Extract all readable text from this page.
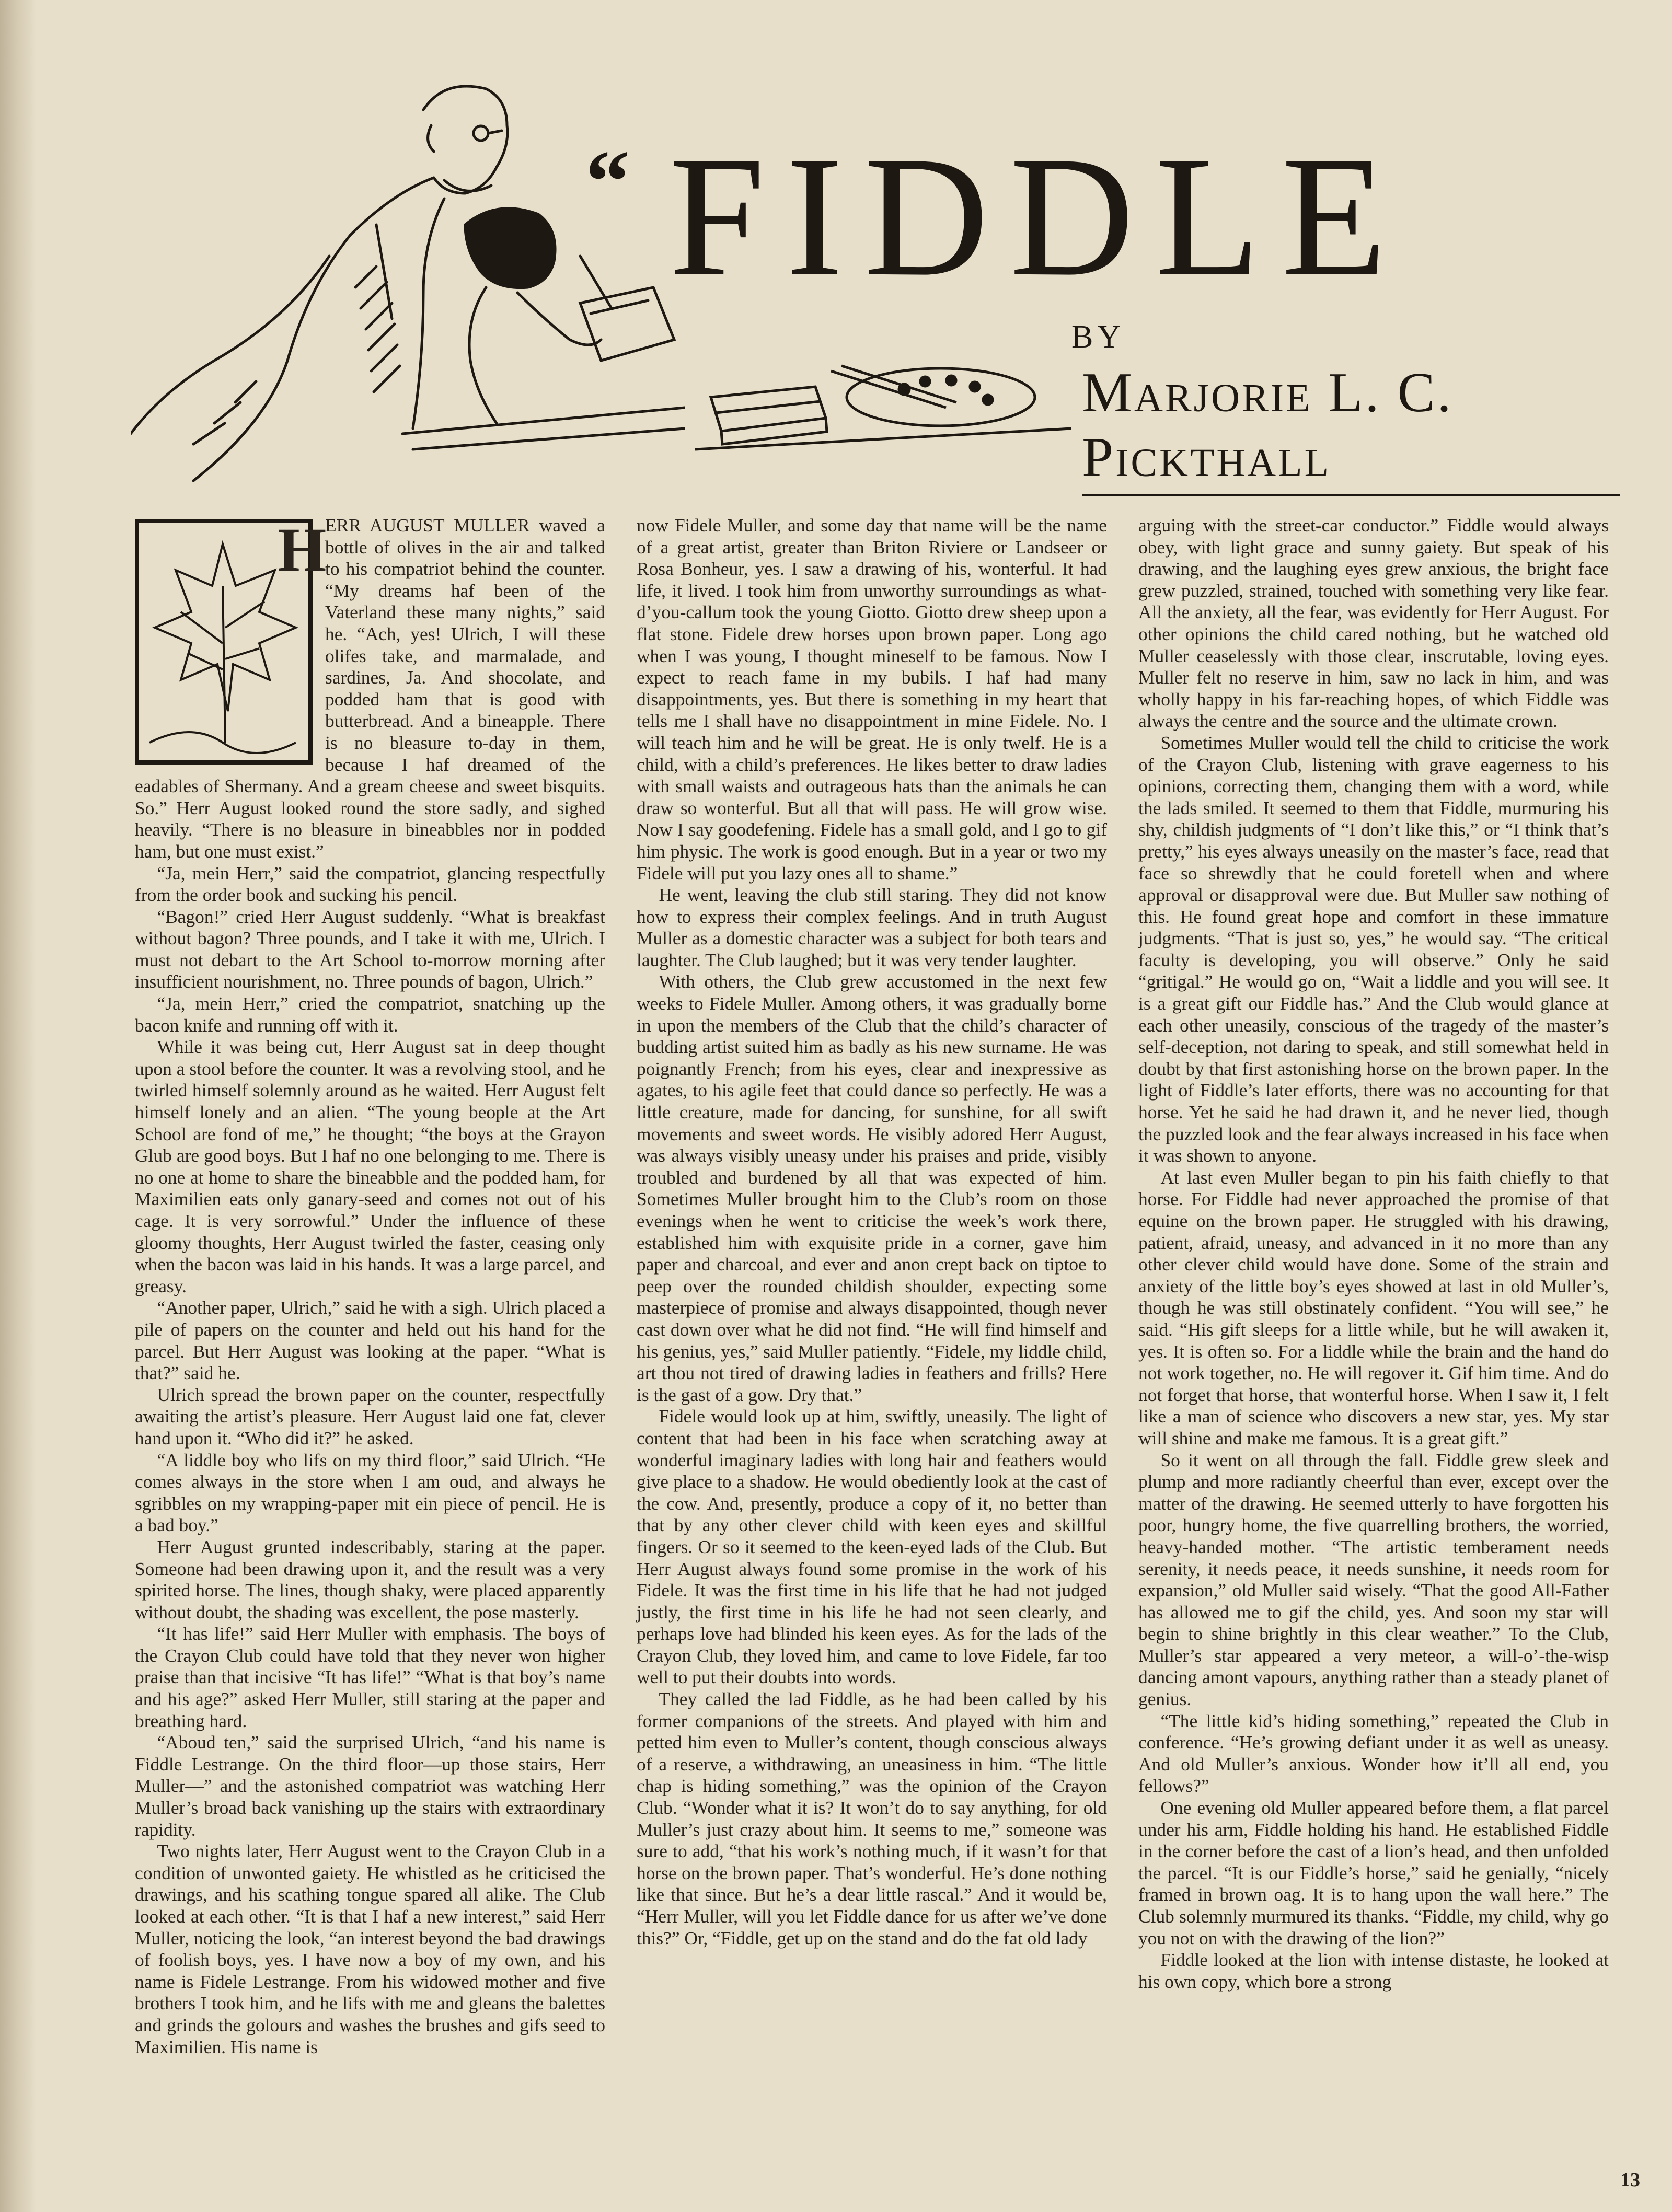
“ FIDDLE
BY
Marjorie L. C. Pickthall
H

ERR AUGUST MULLER waved a bottle of olives in the air and talked to his compatriot behind the counter. “My dreams haf been of the Vaterland these many nights,” said he. “Ach, yes! Ulrich, I will these olifes take, and marmalade, and sardines, Ja. And shocolate, and podded ham that is good with butterbread. And a bineapple. There is no bleasure to-day in them, because I haf dreamed of the eadables of Shermany. And a gream cheese and sweet bisquits. So.” Herr August looked round the store sadly, and sighed heavily. “There is no bleasure in bineabbles nor in podded ham, but one must exist.”

“Ja, mein Herr,” said the compatriot, glancing respectfully from the order book and sucking his pencil.

“Bagon!” cried Herr August suddenly. “What is breakfast without bagon? Three pounds, and I take it with me, Ulrich. I must not debart to the Art School to-morrow morning after insufficient nourishment, no. Three pounds of bagon, Ulrich.”

“Ja, mein Herr,” cried the compatriot, snatching up the bacon knife and running off with it.

While it was being cut, Herr August sat in deep thought upon a stool before the counter. It was a revolving stool, and he twirled himself solemnly around as he waited. Herr August felt himself lonely and an alien. “The young beople at the Art School are fond of me,” he thought; “the boys at the Grayon Glub are good boys. But I haf no one belonging to me. There is no one at home to share the bineabble and the podded ham, for Maximilien eats only ganary-seed and comes not out of his cage. It is very sorrowful.” Under the influence of these gloomy thoughts, Herr August twirled the faster, ceasing only when the bacon was laid in his hands. It was a large parcel, and greasy.

“Another paper, Ulrich,” said he with a sigh. Ulrich placed a pile of papers on the counter and held out his hand for the parcel. But Herr August was looking at the paper. “What is that?” said he.

Ulrich spread the brown paper on the counter, respectfully awaiting the artist’s pleasure. Herr August laid one fat, clever hand upon it. “Who did it?” he asked.

“A liddle boy who lifs on my third floor,” said Ulrich. “He comes always in the store when I am oud, and always he sgribbles on my wrapping-paper mit ein piece of pencil. He is a bad boy.”

Herr August grunted indescribably, staring at the paper. Someone had been drawing upon it, and the result was a very spirited horse. The lines, though shaky, were placed apparently without doubt, the shading was excellent, the pose masterly.

“It has life!” said Herr Muller with emphasis. The boys of the Crayon Club could have told that they never won higher praise than that incisive “It has life!” “What is that boy’s name and his age?” asked Herr Muller, still staring at the paper and breathing hard.

“Aboud ten,” said the surprised Ulrich, “and his name is Fiddle Lestrange. On the third floor—up those stairs, Herr Muller—” and the astonished compatriot was watching Herr Muller’s broad back vanishing up the stairs with extraordinary rapidity.

Two nights later, Herr August went to the Crayon Club in a condition of unwonted gaiety. He whistled as he criticised the drawings, and his scathing tongue spared all alike. The Club looked at each other. “It is that I haf a new interest,” said Herr Muller, noticing the look, “an interest beyond the bad drawings of foolish boys, yes. I have now a boy of my own, and his name is Fidele Lestrange. From his widowed mother and five brothers I took him, and he lifs with me and gleans the balettes and grinds the golours and washes the brushes and gifs seed to Maximilien. His name is

now Fidele Muller, and some day that name will be the name of a great artist, greater than Briton Riviere or Landseer or Rosa Bonheur, yes. I saw a drawing of his, wonterful. It had life, it lived. I took him from unworthy surroundings as what-d’you-callum took the young Giotto. Giotto drew sheep upon a flat stone. Fidele drew horses upon brown paper. Long ago when I was young, I thought mineself to be famous. Now I expect to reach fame in my bubils. I haf had many disappointments, yes. But there is something in my heart that tells me I shall have no disappointment in mine Fidele. No. I will teach him and he will be great. He is only twelf. He is a child, with a child’s preferences. He likes better to draw ladies with small waists and outrageous hats than the animals he can draw so wonterful. But all that will pass. He will grow wise. Now I say goodefening. Fidele has a small gold, and I go to gif him physic. The work is good enough. But in a year or two my Fidele will put you lazy ones all to shame.”

He went, leaving the club still staring. They did not know how to express their complex feelings. And in truth August Muller as a domestic character was a subject for both tears and laughter. The Club laughed; but it was very tender laughter.

With others, the Club grew accustomed in the next few weeks to Fidele Muller. Among others, it was gradually borne in upon the members of the Club that the child’s character of budding artist suited him as badly as his new surname. He was poignantly French; from his eyes, clear and inexpressive as agates, to his agile feet that could dance so perfectly. He was a little creature, made for dancing, for sunshine, for all swift movements and sweet words. He visibly adored Herr August, was always visibly uneasy under his praises and pride, visibly troubled and burdened by all that was expected of him. Sometimes Muller brought him to the Club’s room on those evenings when he went to criticise the week’s work there, established him with exquisite pride in a corner, gave him paper and charcoal, and ever and anon crept back on tiptoe to peep over the rounded childish shoulder, expecting some masterpiece of promise and always disappointed, though never cast down over what he did not find. “He will find himself and his genius, yes,” said Muller patiently. “Fidele, my liddle child, art thou not tired of drawing ladies in feathers and frills? Here is the gast of a gow. Dry that.”

Fidele would look up at him, swiftly, uneasily. The light of content that had been in his face when scratching away at wonderful imaginary ladies with long hair and feathers would give place to a shadow. He would obediently look at the cast of the cow. And, presently, produce a copy of it, no better than that by any other clever child with keen eyes and skillful fingers. Or so it seemed to the keen-eyed lads of the Club. But Herr August always found some promise in the work of his Fidele. It was the first time in his life that he had not judged justly, the first time in his life he had not seen clearly, and perhaps love had blinded his keen eyes. As for the lads of the Crayon Club, they loved him, and came to love Fidele, far too well to put their doubts into words.

They called the lad Fiddle, as he had been called by his former companions of the streets. And played with him and petted him even to Muller’s content, though conscious always of a reserve, a withdrawing, an uneasiness in him. “The little chap is hiding something,” was the opinion of the Crayon Club. “Wonder what it is? It won’t do to say anything, for old Muller’s just crazy about him. It seems to me,” someone was sure to add, “that his work’s nothing much, if it wasn’t for that horse on the brown paper. That’s wonderful. He’s done nothing like that since. But he’s a dear little rascal.” And it would be, “Herr Muller, will you let Fiddle dance for us after we’ve done this?” Or, “Fiddle, get up on the stand and do the fat old lady

arguing with the street-car conductor.” Fiddle would always obey, with light grace and sunny gaiety. But speak of his drawing, and the laughing eyes grew anxious, the bright face grew puzzled, strained, touched with something very like fear. All the anxiety, all the fear, was evidently for Herr August. For other opinions the child cared nothing, but he watched old Muller ceaselessly with those clear, inscrutable, loving eyes. Muller felt no reserve in him, saw no lack in him, and was wholly happy in his far-reaching hopes, of which Fiddle was always the centre and the source and the ultimate crown.

Sometimes Muller would tell the child to criticise the work of the Crayon Club, listening with grave eagerness to his opinions, correcting them, changing them with a word, while the lads smiled. It seemed to them that Fiddle, murmuring his shy, childish judgments of “I don’t like this,” or “I think that’s pretty,” his eyes always uneasily on the master’s face, read that face so shrewdly that he could foretell when and where approval or disapproval were due. But Muller saw nothing of this. He found great hope and comfort in these immature judgments. “That is just so, yes,” he would say. “The critical faculty is developing, you will observe.” Only he said “gritigal.” He would go on, “Wait a liddle and you will see. It is a great gift our Fiddle has.” And the Club would glance at each other uneasily, conscious of the tragedy of the master’s self-deception, not daring to speak, and still somewhat held in doubt by that first astonishing horse on the brown paper. In the light of Fiddle’s later efforts, there was no accounting for that horse. Yet he said he had drawn it, and he never lied, though the puzzled look and the fear always increased in his face when it was shown to anyone.

At last even Muller began to pin his faith chiefly to that horse. For Fiddle had never approached the promise of that equine on the brown paper. He struggled with his drawing, patient, afraid, uneasy, and advanced in it no more than any other clever child would have done. Some of the strain and anxiety of the little boy’s eyes showed at last in old Muller’s, though he was still obstinately confident. “You will see,” he said. “His gift sleeps for a little while, but he will awaken it, yes. It is often so. For a liddle while the brain and the hand do not work together, no. He will regover it. Gif him time. And do not forget that horse, that wonterful horse. When I saw it, I felt like a man of science who discovers a new star, yes. My star will shine and make me famous. It is a great gift.”

So it went on all through the fall. Fiddle grew sleek and plump and more radiantly cheerful than ever, except over the matter of the drawing. He seemed utterly to have forgotten his poor, hungry home, the five quarrelling brothers, the worried, heavy-handed mother. “The artistic temberament needs serenity, it needs peace, it needs sunshine, it needs room for expansion,” old Muller said wisely. “That the good All-Father has allowed me to gif the child, yes. And soon my star will begin to shine brightly in this clear weather.” To the Club, Muller’s star appeared a very meteor, a will-o’-the-wisp dancing amont vapours, anything rather than a steady planet of genius.

“The little kid’s hiding something,” repeated the Club in conference. “He’s growing defiant under it as well as uneasy. And old Muller’s anxious. Wonder how it’ll all end, you fellows?”

One evening old Muller appeared before them, a flat parcel under his arm, Fiddle holding his hand. He established Fiddle in the corner before the cast of a lion’s head, and then unfolded the parcel. “It is our Fiddle’s horse,” said he genially, “nicely framed in brown oag. It is to hang upon the wall here.” The Club solemnly murmured its thanks. “Fiddle, my child, why go you not on with the drawing of the lion?”

Fiddle looked at the lion with intense distaste, he looked at his own copy, which bore a strong

13
